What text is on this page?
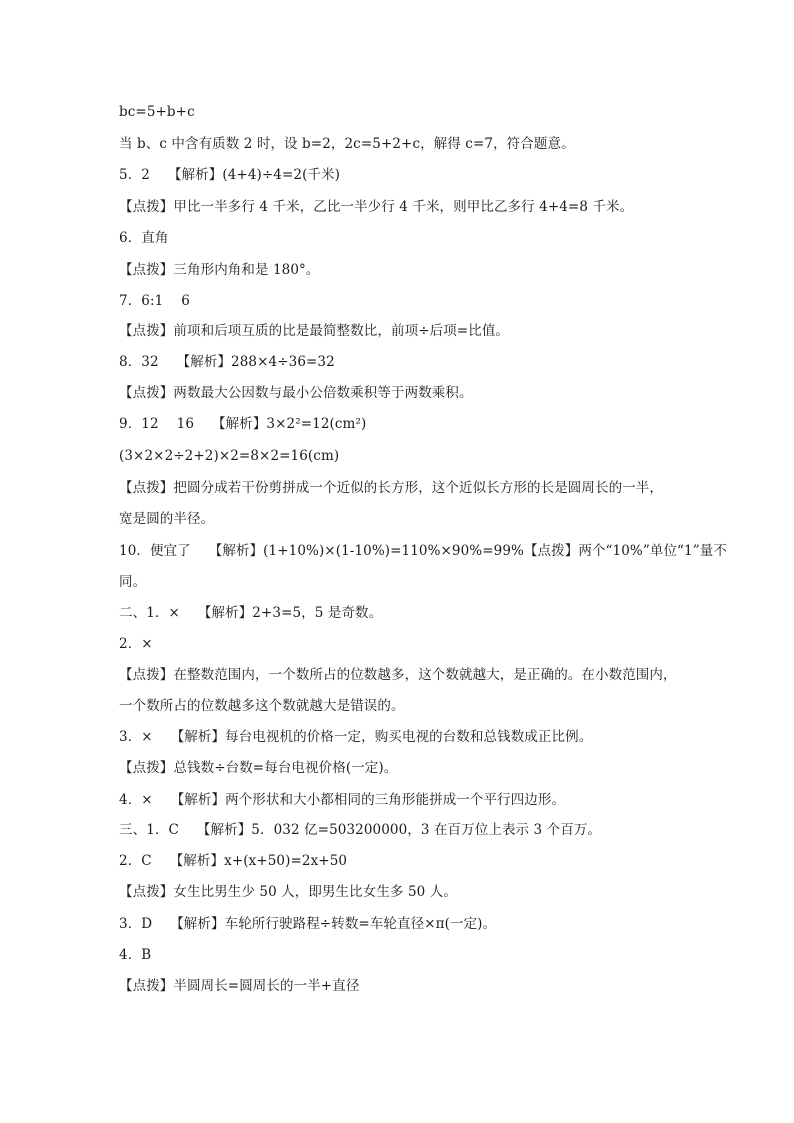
bc=5+b+c
当 b、c 中含有质数 2 时，设 b=2，2c=5+2+c，解得 c=7，符合题意。
5．2　 【解析】(4+4)÷4=2(千米)
【点拨】甲比一半多行 4 千米，乙比一半少行 4 千米，则甲比乙多行 4+4=8 千米。
6．直角
【点拨】三角形内角和是 180°。
7．6:1　 6
【点拨】前项和后项互质的比是最简整数比，前项÷后项=比值。
8．32　 【解析】288×4÷36=32
【点拨】两数最大公因数与最小公倍数乘积等于两数乘积。
9．12　 16　 【解析】3×2²=12(cm²)
(3×2×2÷2+2)×2=8×2=16(cm)
【点拨】把圆分成若干份剪拼成一个近似的长方形，这个近似长方形的长是圆周长的一半，
宽是圆的半径。
10．便宜了　 【解析】(1+10%)×(1-10%)=110%×90%=99%【点拨】两个“10%”单位“1”量不
同。
二、1．×　 【解析】2+3=5，5 是奇数。
2．×
【点拨】在整数范围内，一个数所占的位数越多，这个数就越大，是正确的。在小数范围内，
一个数所占的位数越多这个数就越大是错误的。
3．×　 【解析】每台电视机的价格一定，购买电视的台数和总钱数成正比例。
【点拨】总钱数÷台数=每台电视价格(一定)。
4．×　 【解析】两个形状和大小都相同的三角形能拼成一个平行四边形。
三、1．C　 【解析】5．032 亿=503200000，3 在百万位上表示 3 个百万。
2．C　 【解析】x+(x+50)=2x+50
【点拨】女生比男生少 50 人，即男生比女生多 50 人。
3．D　 【解析】车轮所行驶路程÷转数=车轮直径×π(一定)。
4．B
【点拨】半圆周长=圆周长的一半+直径
